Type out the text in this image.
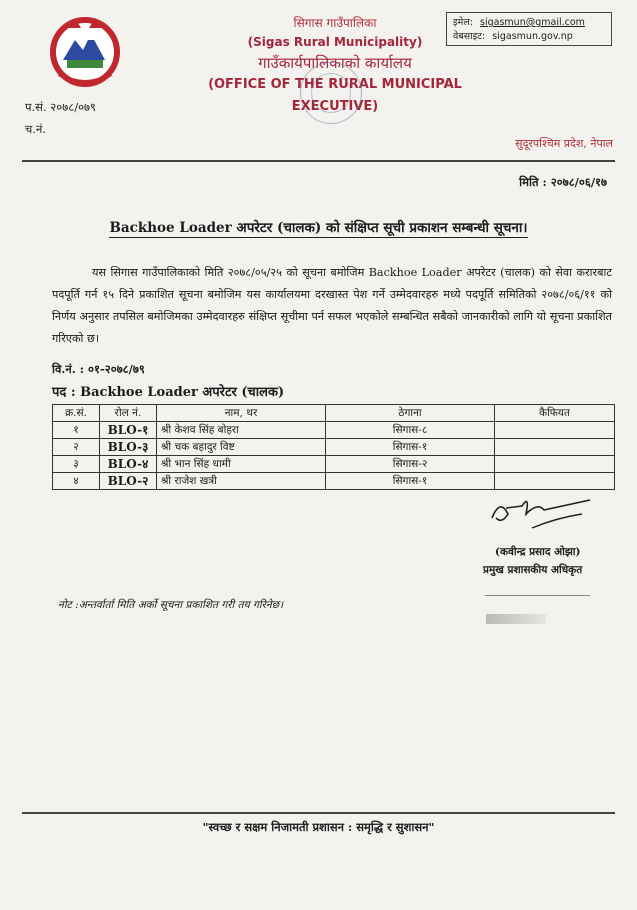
सिगास गाउँपालिका
(Sigas Rural Municipality)
गाउँकार्यपालिकाको कार्यालय
(OFFICE OF THE RURAL MUNICIPAL EXECUTIVE)
इमेल: sigasmun@gmail.com
वेबसाइट: sigasmun.gov.np
प.सं. २०७८/०७९
च.नं.
सुदूरपश्चिम प्रदेश, नेपाल
मिति : २०७८/०६/१७
Backhoe Loader अपरेटर (चालक) को संक्षिप्त सूची प्रकाशन सम्बन्धी सूचना।
यस सिगास गाउँपालिकाको मिति २०७८/०५/२५ को सूचना बमोजिम Backhoe Loader अपरेटर (चालक) को सेवा करारबाट पदपूर्ति गर्न १५ दिने प्रकाशित सूचना बमोजिम यस कार्यालयमा दरखास्त पेश गर्ने उम्मेदवारहरु मध्ये पदपूर्ति समितिको २०७८/०६/११ को निर्णय अनुसार तपसिल बमोजिमका उम्मेदवारहरु संक्षिप्त सूचीमा पर्न सफल भएकोले सम्बन्धित सबैको जानकारीको लागि यो सूचना प्रकाशित गरिएको छ।
वि.नं. : ०१-२०७८/७९
पद : Backhoe Loader अपरेटर (चालक)
क्र.सं.	रोल नं.	नाम, थर	ठेगाना	कैफियत
१	BLO-१	श्री केशव सिंह बोहरा	सिगास-८	
२	BLO-३	श्री चक बहादुर विष्ट	सिगास-१	
३	BLO-४	श्री भान सिंह धामी	सिगास-२	
४	BLO-२	श्री राजेश खत्री	सिगास-१	
(कवीन्द्र प्रसाद ओझा)
प्रमुख प्रशासकीय अधिकृत
नोट :अन्तर्वार्ता मिति अर्को सूचना प्रकाशित गरी तय गरिनेछ।
"स्वच्छ र सक्षम निजामती प्रशासन : समृद्धि र सुशासन"
